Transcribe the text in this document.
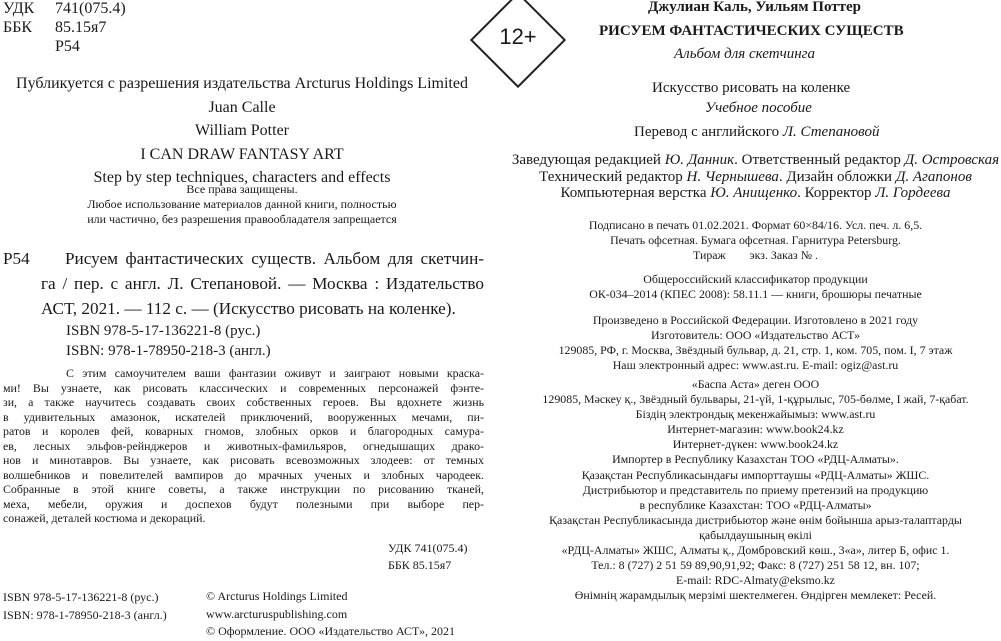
УДК 741(075.4)
ББК 85.15я7
Р54
Публикуется с разрешения издательства Arcturus Holdings Limited
Juan Calle
William Potter
I CAN DRAW FANTASY ART
Step by step techniques, characters and effects
Все права защищены.
Любое использование материалов данной книги, полностью
или частично, без разрешения правообладателя запрещается
Р54 Рисуем фантастических существ. Альбом для скетчин-
га / пер. с англ. Л. Степановой. — Москва : Издательство
АСТ, 2021. — 112 с. — (Искусство рисовать на коленке).
ISBN 978-5-17-136221-8 (рус.)
ISBN: 978-1-78950-218-3 (англ.)
С этим самоучителем ваши фантазии оживут и заиграют новыми краска-
ми! Вы узнаете, как рисовать классических и современных персонажей фэнте-
зи, а также научитесь создавать своих собственных героев. Вы вдохнете жизнь
в удивительных амазонок, искателей приключений, вооруженных мечами, пи-
ратов и королев фей, коварных гномов, злобных орков и благородных самура-
ев, лесных эльфов-рейнджеров и животных-фамильяров, огнедышащих драко-
нов и минотавров. Вы узнаете, как рисовать всевозможных злодеев: от темных
волшебников и повелителей вампиров до мрачных ученых и злобных чародеек.
Собранные в этой книге советы, а также инструкции по рисованию тканей,
меха, мебели, оружия и доспехов будут полезными при выборе пер-
сонажей, деталей костюма и декораций.
УДК 741(075.4)
ББК 85.15я7
ISBN 978-5-17-136221-8 (рус.)
ISBN: 978-1-78950-218-3 (англ.)
© Arcturus Holdings Limited
www.arcturuspublishing.com
© Оформление. ООО «Издательство АСТ», 2021
12+
Джулиан Каль, Уильям Поттер
РИСУЕМ ФАНТАСТИЧЕСКИХ СУЩЕСТВ
Альбом для скетчинга
Искусство рисовать на коленке
Учебное пособие
Перевод с английского Л. Степановой
Заведующая редакцией Ю. Данник. Ответственный редактор Д. Островская
Технический редактор Н. Чернышева. Дизайн обложки Д. Агапонов
Компьютерная верстка Ю. Анищенко. Корректор Л. Гордеева
Подписано в печать 01.02.2021. Формат 60×84/16. Усл. печ. л. 6,5.
Печать офсетная. Бумага офсетная. Гарнитура Petersburg.
Тираж        экз. Заказ № .
Общероссийский классификатор продукции
ОК-034–2014 (КПЕС 2008): 58.11.1 — книги, брошюры печатные
Произведено в Российской Федерации. Изготовлено в 2021 году
Изготовитель: ООО «Издательство АСТ»
129085, РФ, г. Москва, Звёздный бульвар, д. 21, стр. 1, ком. 705, пом. I, 7 этаж
Наш электронный адрес: www.ast.ru. E-mail: ogiz@ast.ru
«Баспа Аста» деген ООО
129085, Мәскеу қ., Звёздный бульвары, 21-үй, 1-құрылыс, 705-бөлме, I жай, 7-қабат.
Біздің электрондық мекенжайымыз: www.ast.ru
Интернет-магазин: www.book24.kz
Интернет-дүкен: www.book24.kz
Импортер в Республику Казахстан ТОО «РДЦ-Алматы».
Қазақстан Республикасындағы импорттаушы «РДЦ-Алматы» ЖШС.
Дистрибьютор и представитель по приему претензий на продукцию
в республике Казахстан: ТОО «РДЦ-Алматы»
Қазақстан Республикасында дистрибьютор және өнім бойынша арыз-талаптарды
қабылдаушының өкілі
«РДЦ-Алматы» ЖШС, Алматы қ., Домбровский көш., 3«а», литер Б, офис 1.
Тел.: 8 (727) 2 51 59 89,90,91,92; Факс: 8 (727) 251 58 12, вн. 107;
E-mail: RDC-Almaty@eksmo.kz
Өнімнің жарамдылық мерзімі шектелмеген. Өндірген мемлекет: Ресей.
